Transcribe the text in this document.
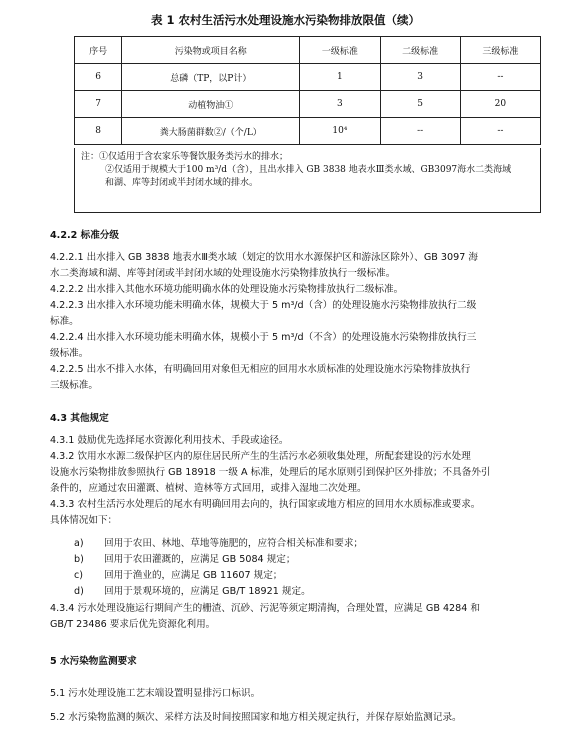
表 1 农村生活污水处理设施水污染物排放限值（续）
序号	污染物或项目名称	一级标准	二级标准	三级标准
6	总磷（TP，以P计）	1	3	--
7	动植物油①	3	5	20
8	粪大肠菌群数②/（个/L）	10⁴	--	--
注：①仅适用于含农家乐等餐饮服务类污水的排水；
②仅适用于规模大于100 m³/d（含），且出水排入 GB 3838 地表水Ⅲ类水域、GB3097海水二类海域
和湖、库等封闭或半封闭水域的排水。
4.2.2 标准分级
4.2.2.1 出水排入 GB 3838 地表水Ⅲ类水域（划定的饮用水水源保护区和游泳区除外）、GB 3097 海
水二类海域和湖、库等封闭或半封闭水域的处理设施水污染物排放执行一级标准。
4.2.2.2 出水排入其他水环境功能明确水体的处理设施水污染物排放执行二级标准。
4.2.2.3 出水排入水环境功能未明确水体，规模大于 5 m³/d（含）的处理设施水污染物排放执行二级
标准。
4.2.2.4 出水排入水环境功能未明确水体，规模小于 5 m³/d（不含）的处理设施水污染物排放执行三
级标准。
4.2.2.5 出水不排入水体，有明确回用对象但无相应的回用水水质标准的处理设施水污染物排放执行
三级标准。
4.3 其他规定
4.3.1 鼓励优先选择尾水资源化利用技术、手段或途径。
4.3.2 饮用水水源二级保护区内的原住居民所产生的生活污水必须收集处理，所配套建设的污水处理
设施水污染物排放参照执行 GB 18918 一级 A 标准，处理后的尾水原则引到保护区外排放；不具备外引
条件的，应通过农田灌溉、植树、造林等方式回用，或排入湿地二次处理。
4.3.3 农村生活污水处理后的尾水有明确回用去向的，执行国家或地方相应的回用水水质标准或要求。
具体情况如下：
a)	回用于农田、林地、草地等施肥的，应符合相关标准和要求；
b)	回用于农田灌溉的，应满足 GB 5084 规定；
c)	回用于渔业的，应满足 GB 11607 规定；
d)	回用于景观环境的，应满足 GB/T 18921 规定。
4.3.4 污水处理设施运行期间产生的栅渣、沉砂、污泥等须定期清掏，合理处置，应满足 GB 4284 和
GB/T 23486 要求后优先资源化利用。
5 水污染物监测要求
5.1 污水处理设施工艺末端设置明显排污口标识。
5.2 水污染物监测的频次、采样方法及时间按照国家和地方相关规定执行，并保存原始监测记录。
